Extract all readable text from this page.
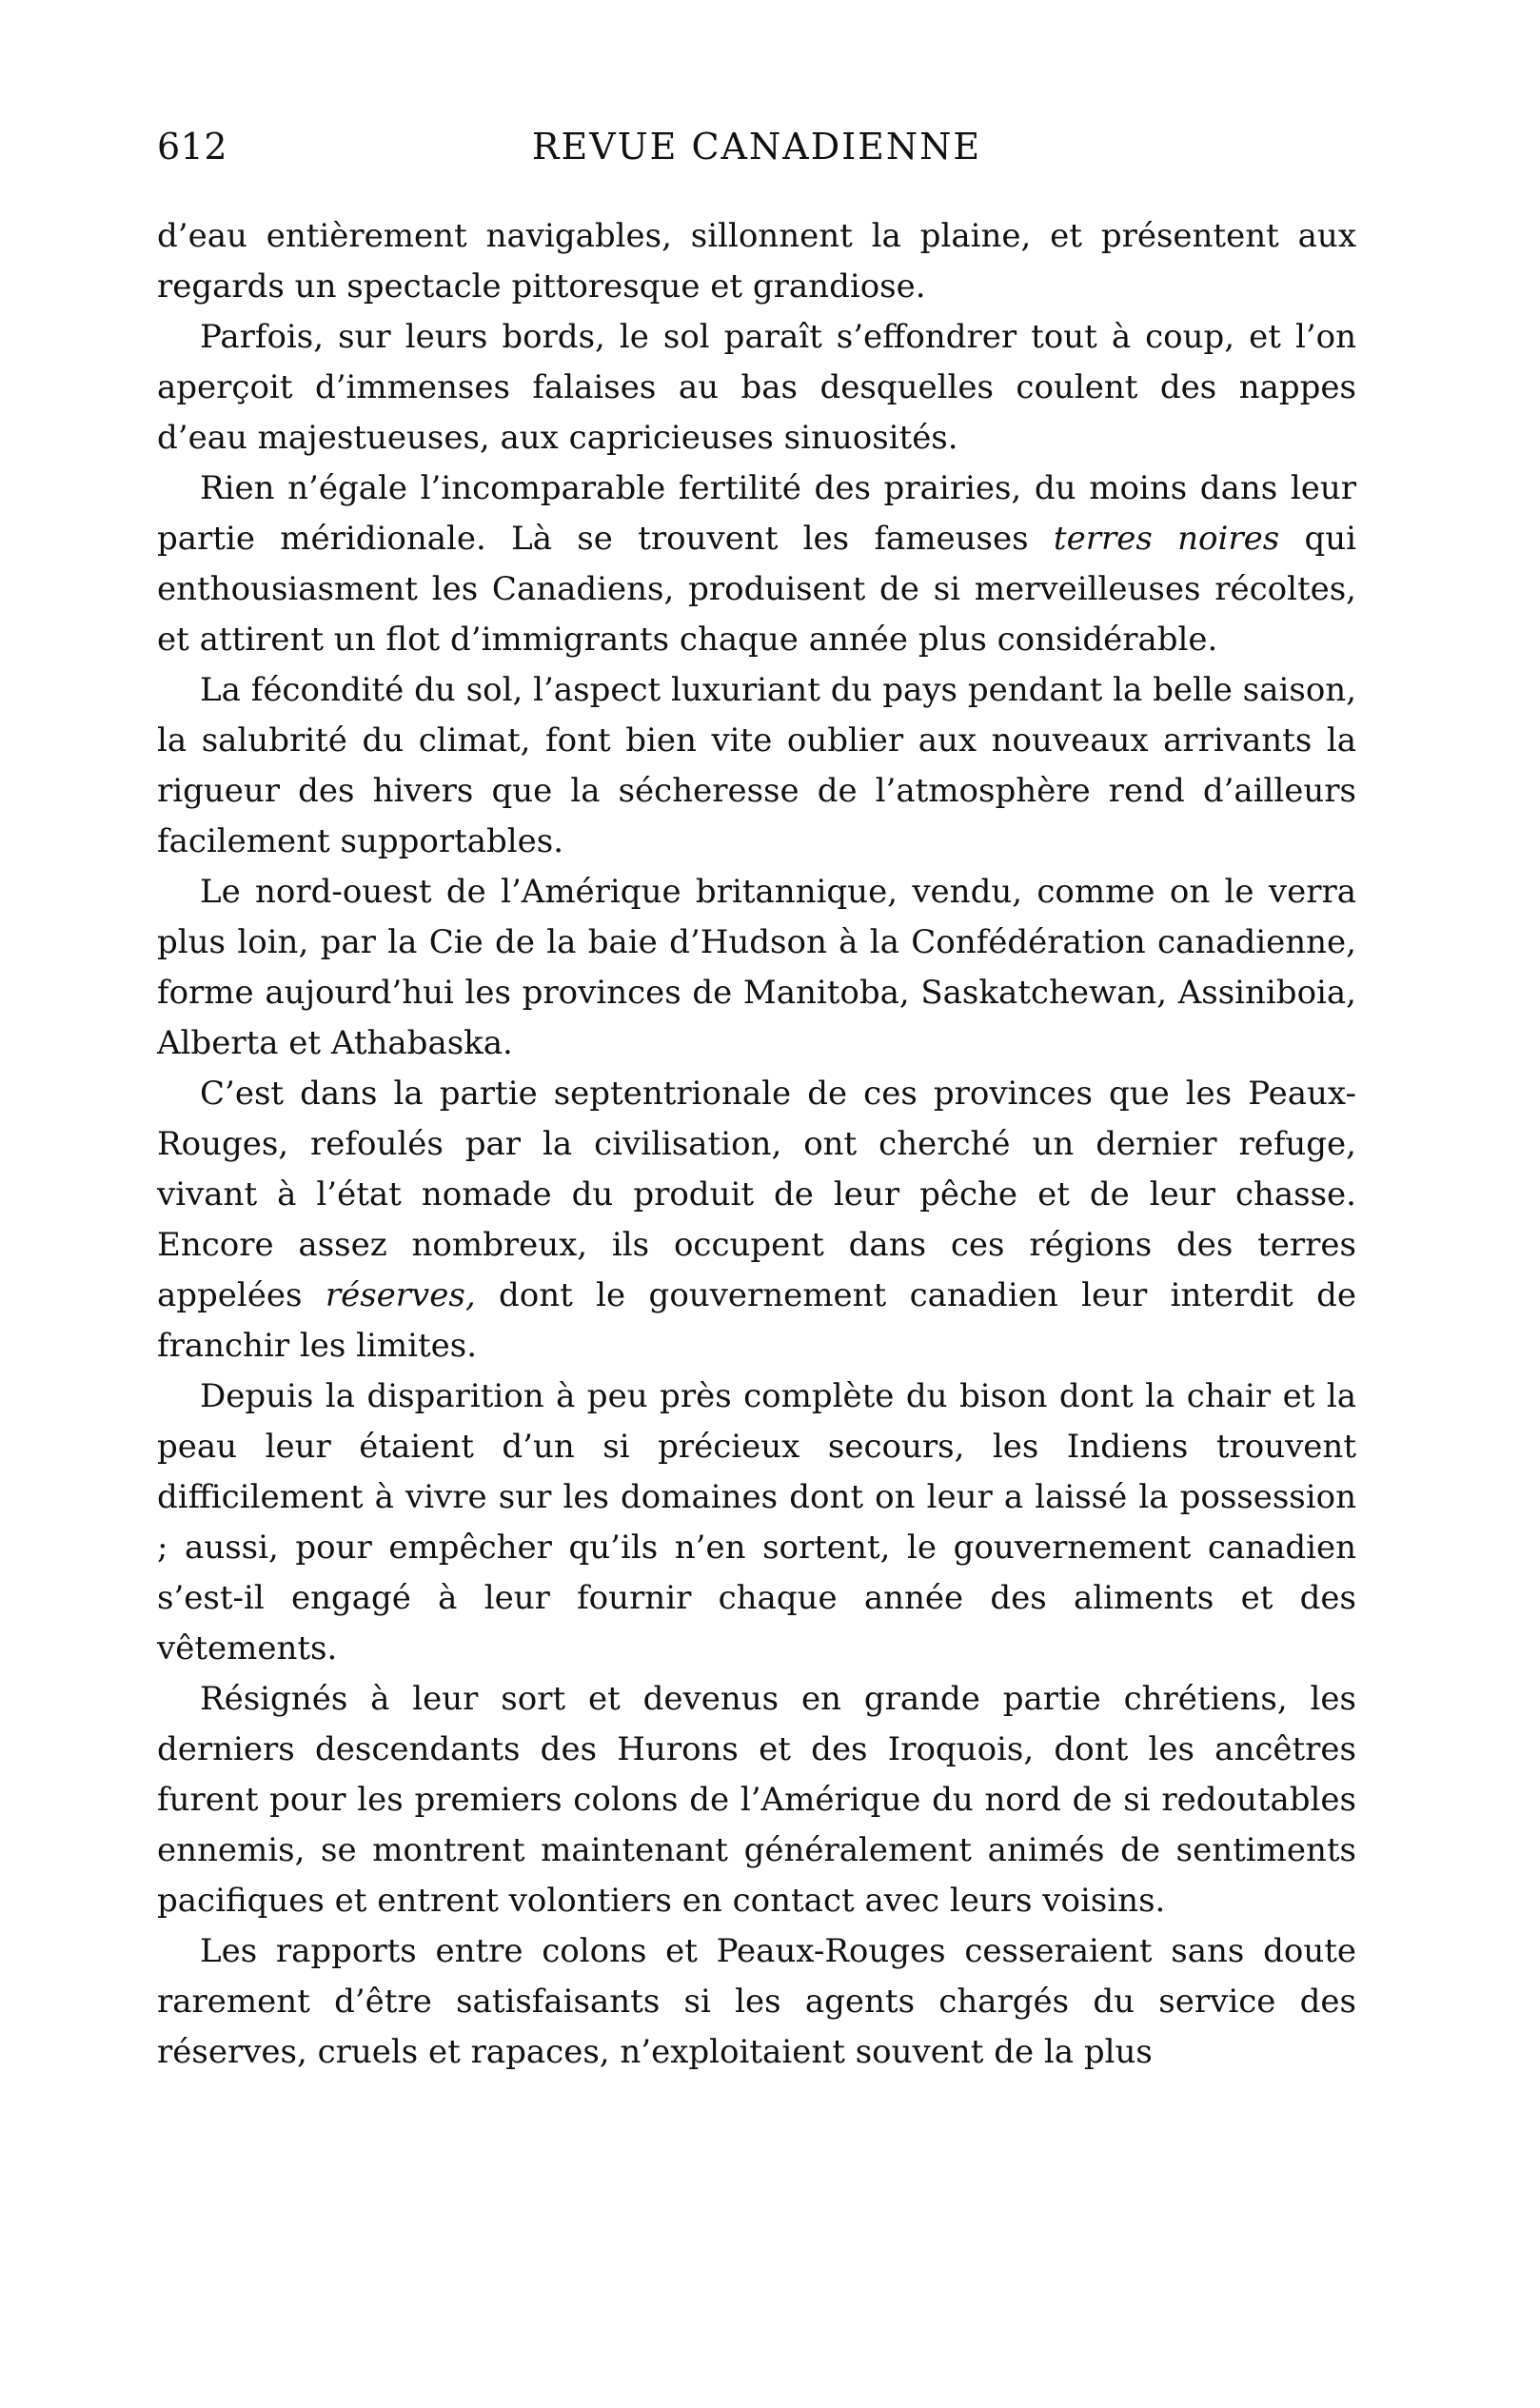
612	REVUE CANADIENNE

d’eau entièrement navigables, sillonnent la plaine, et présentent aux regards un spectacle pittoresque et grandiose.

Parfois, sur leurs bords, le sol paraît s’effondrer tout à coup, et l’on aperçoit d’immenses falaises au bas desquelles coulent des nappes d’eau majestueuses, aux capricieuses sinuosités.

Rien n’égale l’incomparable fertilité des prairies, du moins dans leur partie méridionale. Là se trouvent les fameuses terres noires qui enthousiasment les Canadiens, produisent de si merveilleuses récoltes, et attirent un flot d’immigrants chaque année plus considérable.

La fécondité du sol, l’aspect luxuriant du pays pendant la belle saison, la salubrité du climat, font bien vite oublier aux nouveaux arrivants la rigueur des hivers que la sécheresse de l’atmosphère rend d’ailleurs facilement supportables.

Le nord-ouest de l’Amérique britannique, vendu, comme on le verra plus loin, par la Cie de la baie d’Hudson à la Confédération canadienne, forme aujourd’hui les provinces de Manitoba, Saskatchewan, Assiniboia, Alberta et Athabaska.

C’est dans la partie septentrionale de ces provinces que les Peaux-Rouges, refoulés par la civilisation, ont cherché un dernier refuge, vivant à l’état nomade du produit de leur pêche et de leur chasse. Encore assez nombreux, ils occupent dans ces régions des terres appelées réserves, dont le gouvernement canadien leur interdit de franchir les limites.

Depuis la disparition à peu près complète du bison dont la chair et la peau leur étaient d’un si précieux secours, les Indiens trouvent difficilement à vivre sur les domaines dont on leur a laissé la possession ; aussi, pour empêcher qu’ils n’en sortent, le gouvernement canadien s’est-il engagé à leur fournir chaque année des aliments et des vêtements.

Résignés à leur sort et devenus en grande partie chrétiens, les derniers descendants des Hurons et des Iroquois, dont les ancêtres furent pour les premiers colons de l’Amérique du nord de si redoutables ennemis, se montrent maintenant généralement animés de sentiments pacifiques et entrent volontiers en contact avec leurs voisins.

Les rapports entre colons et Peaux-Rouges cesseraient sans doute rarement d’être satisfaisants si les agents chargés du service des réserves, cruels et rapaces, n’exploitaient souvent de la plus
